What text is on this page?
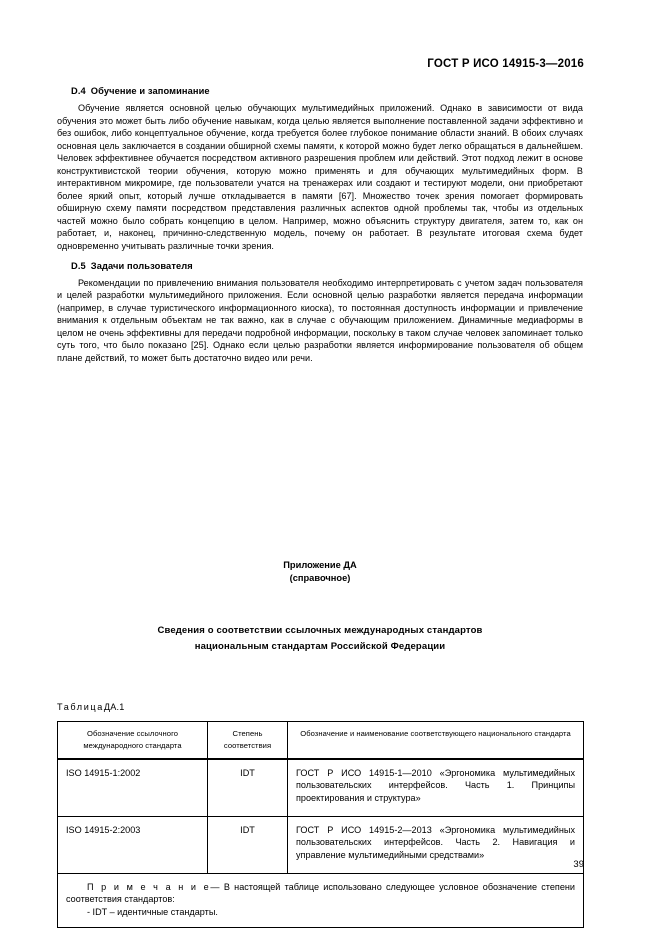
ГОСТ Р ИСО 14915-3—2016
D.4 Обучение и запоминание

Обучение является основной целью обучающих мультимедийных приложений. Однако в зависимости от вида обучения это может быть либо обучение навыкам, когда целью является выполнение поставленной задачи эффективно и без ошибок, либо концептуальное обучение, когда требуется более глубокое понимание области знаний. В обоих случаях основная цель заключается в создании обширной схемы памяти, к которой можно будет легко обращаться в дальнейшем. Человек эффективнее обучается посредством активного разрешения проблем или действий. Этот подход лежит в основе конструктивистской теории обучения, которую можно применять и для обучающих мультимедийных форм. В интерактивном микромире, где пользователи учатся на тренажерах или создают и тестируют модели, они приобретают более яркий опыт, который лучше откладывается в памяти [67]. Множество точек зрения помогает формировать обширную схему памяти посредством представления различных аспектов одной проблемы так, чтобы из отдельных частей можно было собрать концепцию в целом. Например, можно объяснить структуру двигателя, затем то, как он работает, и, наконец, причинно-следственную модель, почему он работает. В результате итоговая схема будет одновременно учитывать различные точки зрения.

D.5 Задачи пользователя

Рекомендации по привлечению внимания пользователя необходимо интерпретировать с учетом задач пользователя и целей разработки мультимедийного приложения. Если основной целью разработки является передача информации (например, в случае туристического информационного киоска), то постоянная доступность информации и привлечение внимания к отдельным объектам не так важно, как в случае с обучающим приложением. Динамичные медиаформы в целом не очень эффективны для передачи подробной информации, поскольку в таком случае человек запоминает только суть того, что было показано [25]. Однако если целью разработки является информирование пользователя об общем плане действий, то может быть достаточно видео или речи.

Приложение ДА
(справочное)
Сведения о соответствии ссылочных международных стандартов
национальным стандартам Российской Федерации
ТаблицаДА.1
Обозначение ссылочного международного стандарта	Степень соответствия	Обозначение и наименование соответствующего национального стандарта
ISO 14915-1:2002	IDT	ГОСТ Р ИСО 14915-1—2010 «Эргономика мультимедийных пользовательских интерфейсов. Часть 1. Принципы проектирования и структура»
ISO 14915-2:2003	IDT	ГОСТ Р ИСО 14915-2—2013 «Эргономика мультимедийных пользовательских интерфейсов. Часть 2. Навигация и управление мультимедийными средствами»
П р и м е ч а н и е— В настоящей таблице использовано следующее условное обозначение степени соответствия стандартов:
- IDT – идентичные стандарты.		
39
